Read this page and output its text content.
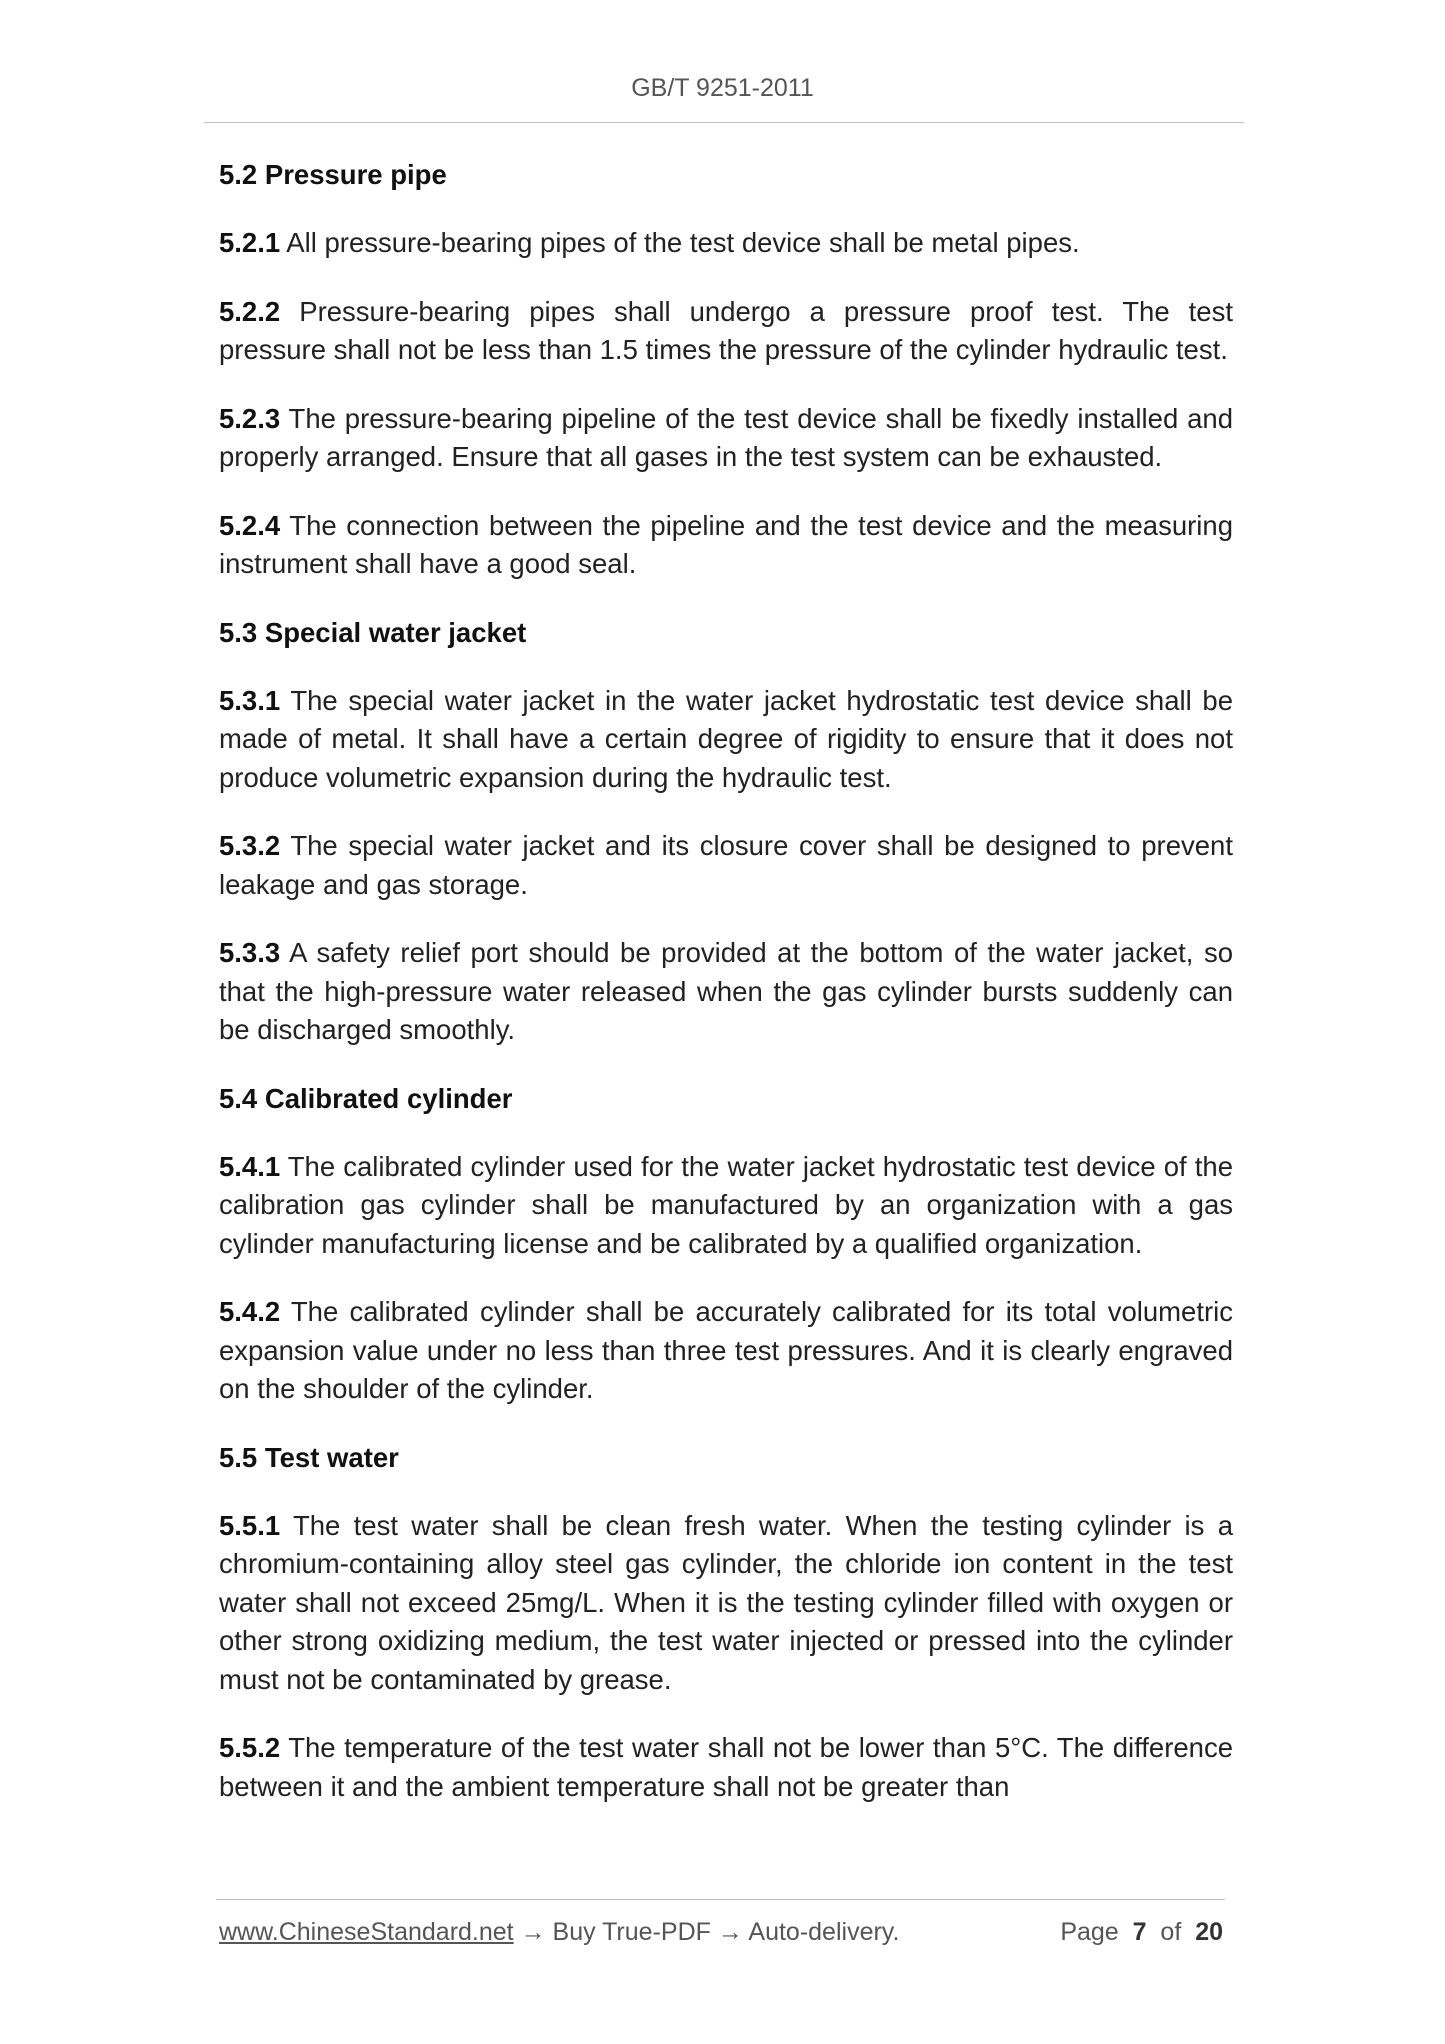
GB/T 9251-2011
5.2 Pressure pipe

5.2.1 All pressure-bearing pipes of the test device shall be metal pipes.

5.2.2 Pressure-bearing pipes shall undergo a pressure proof test. The test pressure shall not be less than 1.5 times the pressure of the cylinder hydraulic test.

5.2.3 The pressure-bearing pipeline of the test device shall be fixedly installed and properly arranged. Ensure that all gases in the test system can be exhausted.

5.2.4 The connection between the pipeline and the test device and the measuring instrument shall have a good seal.

5.3 Special water jacket

5.3.1 The special water jacket in the water jacket hydrostatic test device shall be made of metal. It shall have a certain degree of rigidity to ensure that it does not produce volumetric expansion during the hydraulic test.

5.3.2 The special water jacket and its closure cover shall be designed to prevent leakage and gas storage.

5.3.3 A safety relief port should be provided at the bottom of the water jacket, so that the high-pressure water released when the gas cylinder bursts suddenly can be discharged smoothly.

5.4 Calibrated cylinder

5.4.1 The calibrated cylinder used for the water jacket hydrostatic test device of the calibration gas cylinder shall be manufactured by an organization with a gas cylinder manufacturing license and be calibrated by a qualified organization.

5.4.2 The calibrated cylinder shall be accurately calibrated for its total volumetric expansion value under no less than three test pressures. And it is clearly engraved on the shoulder of the cylinder.

5.5 Test water

5.5.1 The test water shall be clean fresh water. When the testing cylinder is a chromium-containing alloy steel gas cylinder, the chloride ion content in the test water shall not exceed 25mg/L. When it is the testing cylinder filled with oxygen or other strong oxidizing medium, the test water injected or pressed into the cylinder must not be contaminated by grease.

5.5.2 The temperature of the test water shall not be lower than 5°C. The difference between it and the ambient temperature shall not be greater than

www.ChineseStandard.net → Buy True-PDF → Auto-delivery.	Page 7 of 20
